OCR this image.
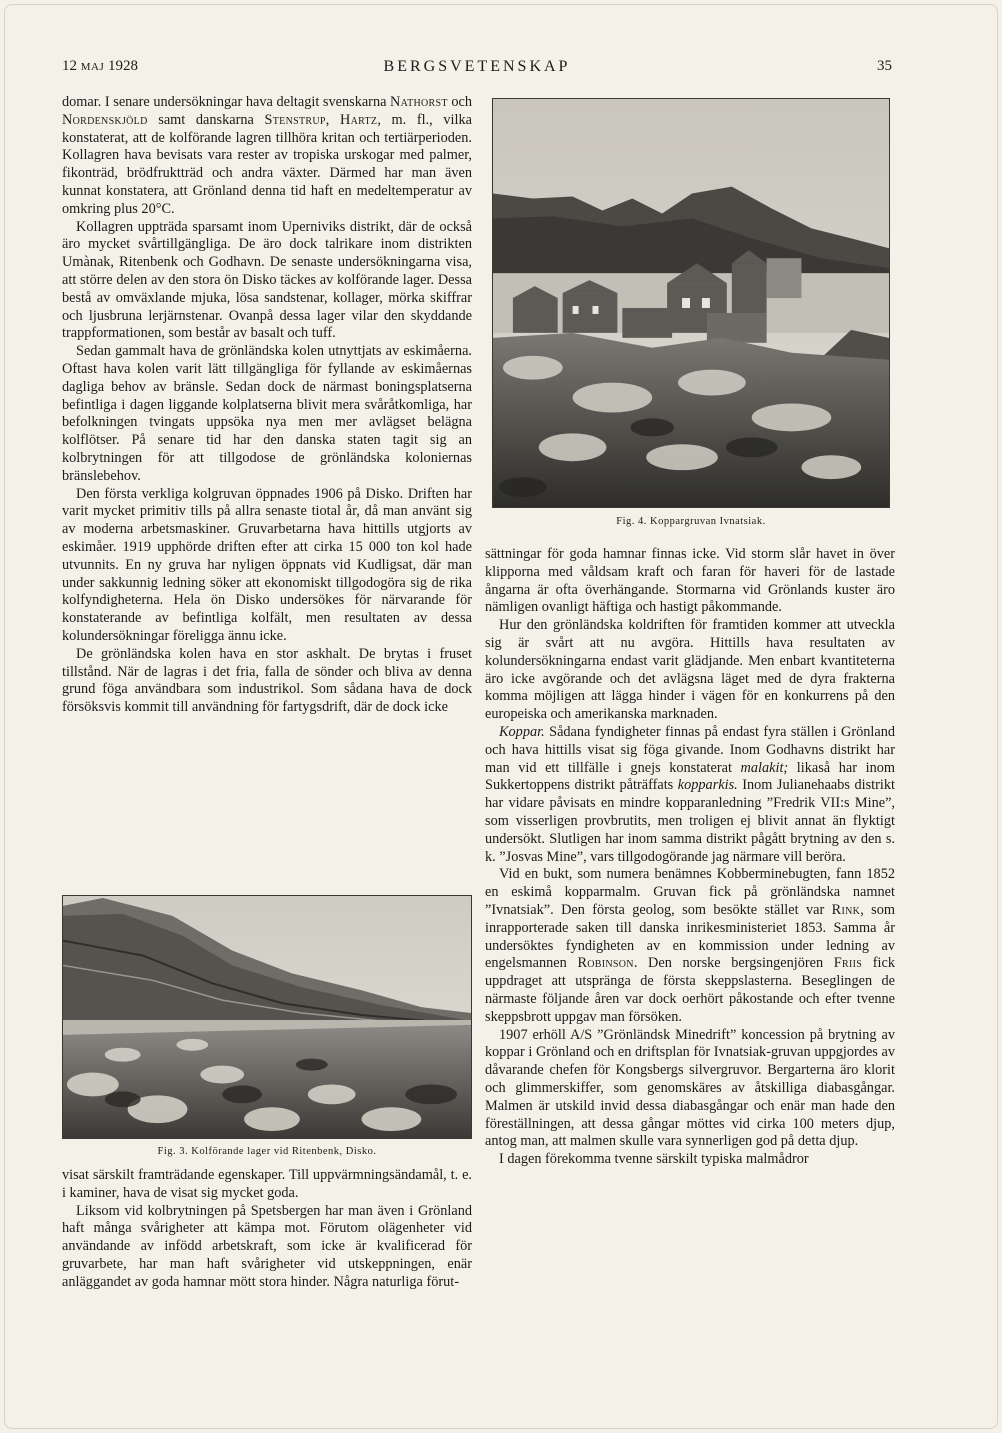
12 MAJ 1928	BERGSVETENSKAP	35

domar. I senare undersökningar hava deltagit svenskarna Nathorst och Nordenskjöld samt danskarna Stenstrup, Hartz, m. fl., vilka konstaterat, att de kolförande lagren tillhöra kritan och tertiärperioden. Kollagren hava bevisats vara rester av tropiska urskogar med palmer, fikonträd, brödfruktträd och andra växter. Därmed har man även kunnat konstatera, att Grönland denna tid haft en medeltemperatur av omkring plus 20°C.

Kollagren uppträda sparsamt inom Uperniviks distrikt, där de också äro mycket svårtillgängliga. De äro dock talrikare inom distrikten Umànak, Ritenbenk och Godhavn. De senaste undersökningarna visa, att större delen av den stora ön Disko täckes av kolförande lager. Dessa bestå av omväxlande mjuka, lösa sandstenar, kollager, mörka skiffrar och ljusbruna lerjärnstenar. Ovanpå dessa lager vilar den skyddande trappformationen, som består av basalt och tuff.

Sedan gammalt hava de grönländska kolen utnyttjats av eskimåerna. Oftast hava kolen varit lätt tillgängliga för fyllande av eskimåernas dagliga behov av bränsle. Sedan dock de närmast boningsplatserna befintliga i dagen liggande kolplatserna blivit mera svåråtkomliga, har befolkningen tvingats uppsöka nya men mer avlägset belägna kolflötser. På senare tid har den danska staten tagit sig an kolbrytningen för att tillgodose de grönländska koloniernas bränslebehov.

Den första verkliga kolgruvan öppnades 1906 på Disko. Driften har varit mycket primitiv tills på allra senaste tiotal år, då man använt sig av moderna arbetsmaskiner. Gruvarbetarna hava hittills utgjorts av eskimåer. 1919 upphörde driften efter att cirka 15 000 ton kol hade utvunnits. En ny gruva har nyligen öppnats vid Kudligsat, där man under sakkunnig ledning söker att ekonomiskt tillgodogöra sig de rika kolfyndigheterna. Hela ön Disko undersökes för närvarande för konstaterande av befintliga kolfält, men resultaten av dessa kolundersökningar föreligga ännu icke.

De grönländska kolen hava en stor askhalt. De brytas i fruset tillstånd. När de lagras i det fria, falla de sönder och bliva av denna grund föga användbara som industrikol. Som sådana hava de dock försöksvis kommit till användning för fartygsdrift, där de dock icke

Fig. 3. Kolförande lager vid Ritenbenk, Disko.

visat särskilt framträdande egenskaper. Till uppvärmningsändamål, t. e. i kaminer, hava de visat sig mycket goda.

Liksom vid kolbrytningen på Spetsbergen har man även i Grönland haft många svårigheter att kämpa mot. Förutom olägenheter vid användande av infödd arbetskraft, som icke är kvalificerad för gruvarbete, har man haft svårigheter vid utskeppningen, enär anläggandet av goda hamnar mött stora hinder. Några naturliga förut-

Fig. 4. Koppargruvan Ivnatsiak.

sättningar för goda hamnar finnas icke. Vid storm slår havet in över klipporna med våldsam kraft och faran för haveri för de lastade ångarna är ofta överhängande. Stormarna vid Grönlands kuster äro nämligen ovanligt häftiga och hastigt påkommande.

Hur den grönländska koldriften för framtiden kommer att utveckla sig är svårt att nu avgöra. Hittills hava resultaten av kolundersökningarna endast varit glädjande. Men enbart kvantiteterna äro icke avgörande och det avlägsna läget med de dyra frakterna komma möjligen att lägga hinder i vägen för en konkurrens på den europeiska och amerikanska marknaden.

Koppar. Sådana fyndigheter finnas på endast fyra ställen i Grönland och hava hittills visat sig föga givande. Inom Godhavns distrikt har man vid ett tillfälle i gnejs konstaterat malakit; likaså har inom Sukkertoppens distrikt påträffats kopparkis. Inom Julianehaabs distrikt har vidare påvisats en mindre kopparanledning ”Fredrik VII:s Mine”, som visserligen provbrutits, men troligen ej blivit annat än flyktigt undersökt. Slutligen har inom samma distrikt pågått brytning av den s. k. ”Josvas Mine”, vars tillgodogörande jag närmare vill beröra.

Vid en bukt, som numera benämnes Kobberminebugten, fann 1852 en eskimå kopparmalm. Gruvan fick på grönländska namnet ”Ivnatsiak”. Den första geolog, som besökte stället var Rink, som inrapporterade saken till danska inrikesministeriet 1853. Samma år undersöktes fyndigheten av en kommission under ledning av engelsmannen Robinson. Den norske bergsingenjören Friis fick uppdraget att utspränga de första skeppslasterna. Beseglingen de närmaste följande åren var dock oerhört påkostande och efter tvenne skeppsbrott uppgav man försöken.

1907 erhöll A/S ”Grönländsk Minedrift” koncession på brytning av koppar i Grönland och en driftsplan för Ivnatsiak-gruvan uppgjordes av dåvarande chefen för Kongsbergs silvergruvor. Bergarterna äro klorit och glimmerskiffer, som genomskäres av åtskilliga diabasgångar. Malmen är utskild invid dessa diabasgångar och enär man hade den föreställningen, att dessa gångar möttes vid cirka 100 meters djup, antog man, att malmen skulle vara synnerligen god på detta djup.

I dagen förekomma tvenne särskilt typiska malmådror
